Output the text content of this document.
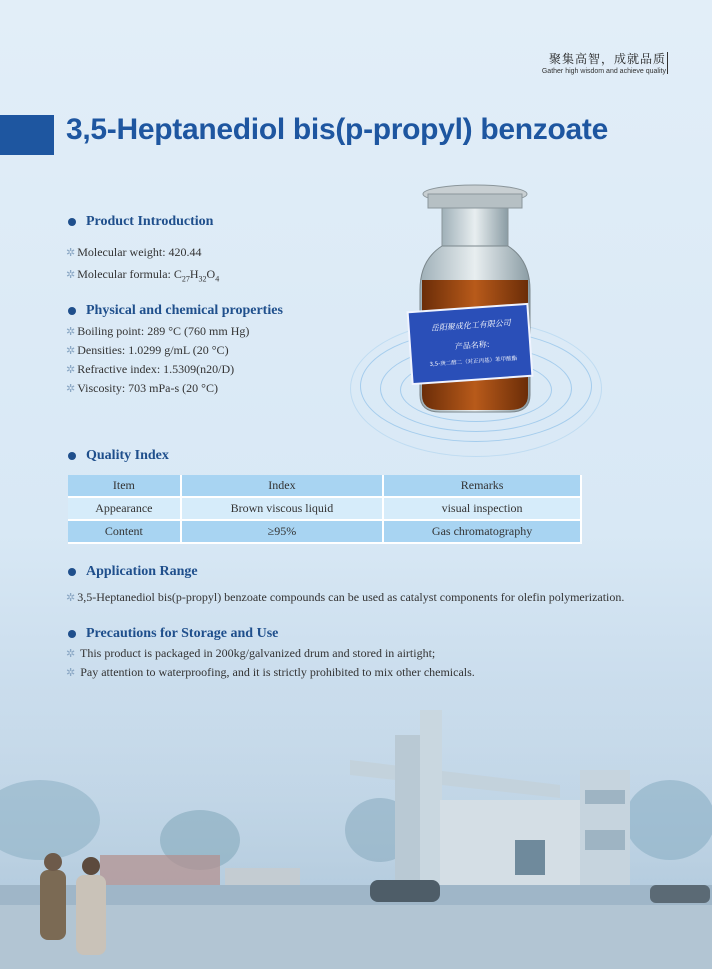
聚集高智，成就品质
Gather high wisdom and achieve quality
3,5-Heptanediol bis(p-propyl) benzoate
Product Introduction
✲ Molecular weight: 420.44
✲ Molecular formula: $C_{27}H_{32}O_4$
Physical and chemical properties
✲ Boiling point: 289 °C (760 mm Hg)
✲ Densities: 1.0299 g/mL (20 °C)
✲ Refractive index: 1.5309(n20/D)
✲ Viscosity: 703 mPa-s (20 °C)
岳阳聚成化工有限公司
产品名称:
3,5-庚二醇二（对正丙基）苯甲酸酯
Quality Index
Item	Index	Remarks
Appearance	Brown viscous liquid	visual inspection
Content	≥95%	Gas chromatography
Application Range
✲ 3,5-Heptanediol bis(p-propyl) benzoate compounds can be used as catalyst components for olefin polymerization.
Precautions for Storage and Use
✲ This product is packaged in 200kg/galvanized drum and stored in airtight;
✲ Pay attention to waterproofing, and it is strictly prohibited to mix other chemicals.
